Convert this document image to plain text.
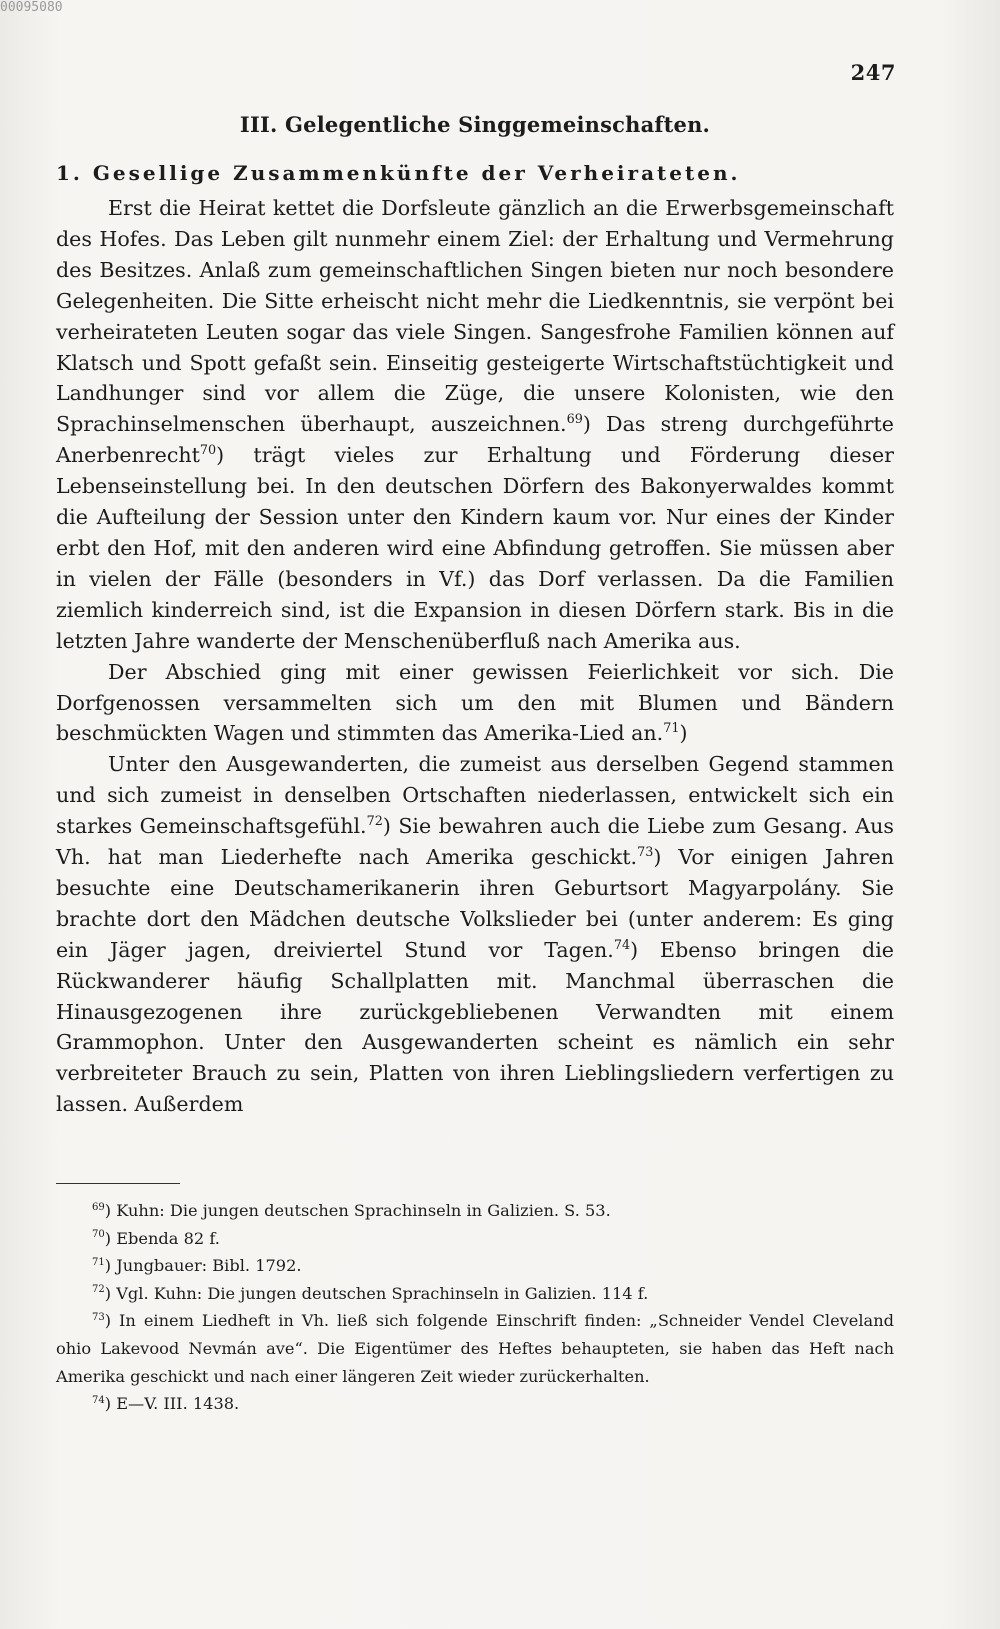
00095080
247
III. Gelegentliche Singgemeinschaften.
1. Gesellige Zusammenkünfte der Verheirateten.

Erst die Heirat kettet die Dorfsleute gänzlich an die Erwerbsgemeinschaft des Hofes. Das Leben gilt nunmehr einem Ziel: der Erhaltung und Vermehrung des Besitzes. Anlaß zum gemeinschaftlichen Singen bieten nur noch besondere Gelegenheiten. Die Sitte erheischt nicht mehr die Liedkenntnis, sie verpönt bei verheirateten Leuten sogar das viele Singen. Sangesfrohe Familien können auf Klatsch und Spott gefaßt sein. Einseitig gesteigerte Wirtschaftstüchtigkeit und Landhunger sind vor allem die Züge, die unsere Kolonisten, wie den Sprachinselmenschen überhaupt, auszeichnen.$^{69}$) Das streng durchgeführte Anerbenrecht$^{70}$) trägt vieles zur Erhaltung und Förderung dieser Lebenseinstellung bei. In den deutschen Dörfern des Bakonyerwaldes kommt die Aufteilung der Session unter den Kindern kaum vor. Nur eines der Kinder erbt den Hof, mit den anderen wird eine Abfindung getroffen. Sie müssen aber in vielen der Fälle (besonders in Vf.) das Dorf verlassen. Da die Familien ziemlich kinderreich sind, ist die Expansion in diesen Dörfern stark. Bis in die letzten Jahre wanderte der Menschenüberfluß nach Amerika aus.

Der Abschied ging mit einer gewissen Feierlichkeit vor sich. Die Dorfgenossen versammelten sich um den mit Blumen und Bändern beschmückten Wagen und stimmten das Amerika-Lied an.$^{71}$)

Unter den Ausgewanderten, die zumeist aus derselben Gegend stammen und sich zumeist in denselben Ortschaften niederlassen, entwickelt sich ein starkes Gemeinschaftsgefühl.$^{72}$) Sie bewahren auch die Liebe zum Gesang. Aus Vh. hat man Liederhefte nach Amerika geschickt.$^{73}$) Vor einigen Jahren besuchte eine Deutschamerikanerin ihren Geburtsort Magyarpolány. Sie brachte dort den Mädchen deutsche Volkslieder bei (unter anderem: Es ging ein Jäger jagen, dreiviertel Stund vor Tagen.$^{74}$) Ebenso bringen die Rückwanderer häufig Schallplatten mit. Manchmal überraschen die Hinausgezogenen ihre zurückgebliebenen Verwandten mit einem Grammophon. Unter den Ausgewanderten scheint es nämlich ein sehr verbreiteter Brauch zu sein, Platten von ihren Lieblingsliedern verfertigen zu lassen. Außerdem

$^{69}$) Kuhn: Die jungen deutschen Sprachinseln in Galizien. S. 53.

$^{70}$) Ebenda 82 f.

$^{71}$) Jungbauer: Bibl. 1792.

$^{72}$) Vgl. Kuhn: Die jungen deutschen Sprachinseln in Galizien. 114 f.

$^{73}$) In einem Liedheft in Vh. ließ sich folgende Einschrift finden: „Schneider Vendel Cleveland ohio Lakevood Nevmán ave“. Die Eigentümer des Heftes behaupteten, sie haben das Heft nach Amerika geschickt und nach einer längeren Zeit wieder zurückerhalten.

$^{74}$) E—V. III. 1438.
